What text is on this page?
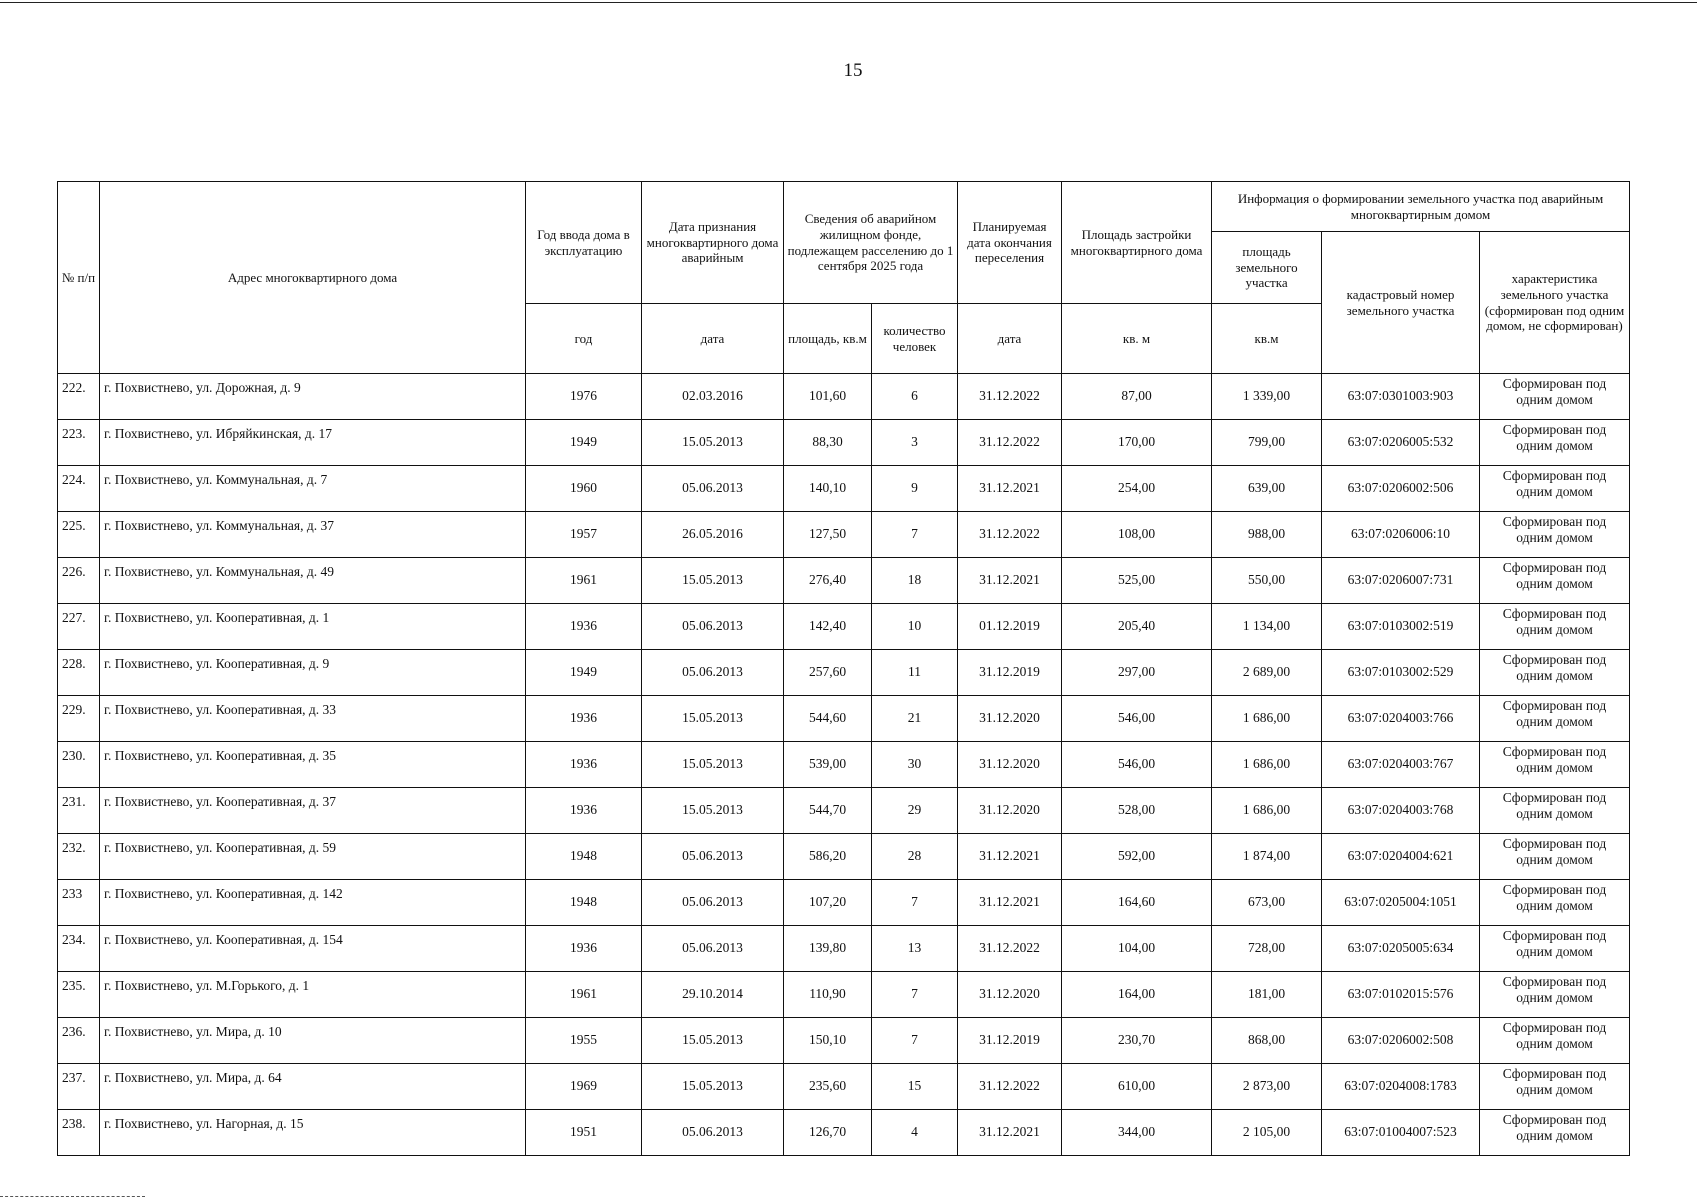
15
№ п/п	Адрес многоквартирного дома	Год ввода дома в эксплуатацию	Дата признания многоквартирного дома аварийным	Сведения об аварийном жилищном фонде, подлежащем расселению до 1 сентября 2025 года		Планируемая дата окончания переселения	Площадь застройки многоквартирного дома	Информация о формировании земельного участка под аварийным многоквартирным домом		
								площадь земельного участка	кадастровый номер земельного участка	характеристика земельного участка (сформирован под одним домом, не сформирован)
		год	дата	площадь, кв.м	количество человек	дата	кв. м	кв.м		
222.	г. Похвистнево, ул. Дорожная, д. 9	1976	02.03.2016	101,60	6	31.12.2022	87,00	1 339,00	63:07:0301003:903	Сформирован под одним домом
223.	г. Похвистнево, ул. Ибряйкинская, д. 17	1949	15.05.2013	88,30	3	31.12.2022	170,00	799,00	63:07:0206005:532	Сформирован под одним домом
224.	г. Похвистнево, ул. Коммунальная, д. 7	1960	05.06.2013	140,10	9	31.12.2021	254,00	639,00	63:07:0206002:506	Сформирован под одним домом
225.	г. Похвистнево, ул. Коммунальная, д. 37	1957	26.05.2016	127,50	7	31.12.2022	108,00	988,00	63:07:0206006:10	Сформирован под одним домом
226.	г. Похвистнево, ул. Коммунальная, д. 49	1961	15.05.2013	276,40	18	31.12.2021	525,00	550,00	63:07:0206007:731	Сформирован под одним домом
227.	г. Похвистнево, ул. Кооперативная, д. 1	1936	05.06.2013	142,40	10	01.12.2019	205,40	1 134,00	63:07:0103002:519	Сформирован под одним домом
228.	г. Похвистнево, ул. Кооперативная, д. 9	1949	05.06.2013	257,60	11	31.12.2019	297,00	2 689,00	63:07:0103002:529	Сформирован под одним домом
229.	г. Похвистнево, ул. Кооперативная, д. 33	1936	15.05.2013	544,60	21	31.12.2020	546,00	1 686,00	63:07:0204003:766	Сформирован под одним домом
230.	г. Похвистнево, ул. Кооперативная, д. 35	1936	15.05.2013	539,00	30	31.12.2020	546,00	1 686,00	63:07:0204003:767	Сформирован под одним домом
231.	г. Похвистнево, ул. Кооперативная, д. 37	1936	15.05.2013	544,70	29	31.12.2020	528,00	1 686,00	63:07:0204003:768	Сформирован под одним домом
232.	г. Похвистнево, ул. Кооперативная, д. 59	1948	05.06.2013	586,20	28	31.12.2021	592,00	1 874,00	63:07:0204004:621	Сформирован под одним домом
233	г. Похвистнево, ул. Кооперативная, д. 142	1948	05.06.2013	107,20	7	31.12.2021	164,60	673,00	63:07:0205004:1051	Сформирован под одним домом
234.	г. Похвистнево, ул. Кооперативная, д. 154	1936	05.06.2013	139,80	13	31.12.2022	104,00	728,00	63:07:0205005:634	Сформирован под одним домом
235.	г. Похвистнево, ул. М.Горького, д. 1	1961	29.10.2014	110,90	7	31.12.2020	164,00	181,00	63:07:0102015:576	Сформирован под одним домом
236.	г. Похвистнево, ул. Мира, д. 10	1955	15.05.2013	150,10	7	31.12.2019	230,70	868,00	63:07:0206002:508	Сформирован под одним домом
237.	г. Похвистнево, ул. Мира, д. 64	1969	15.05.2013	235,60	15	31.12.2022	610,00	2 873,00	63:07:0204008:1783	Сформирован под одним домом
238.	г. Похвистнево, ул. Нагорная, д. 15	1951	05.06.2013	126,70	4	31.12.2021	344,00	2 105,00	63:07:01004007:523	Сформирован под одним домом
